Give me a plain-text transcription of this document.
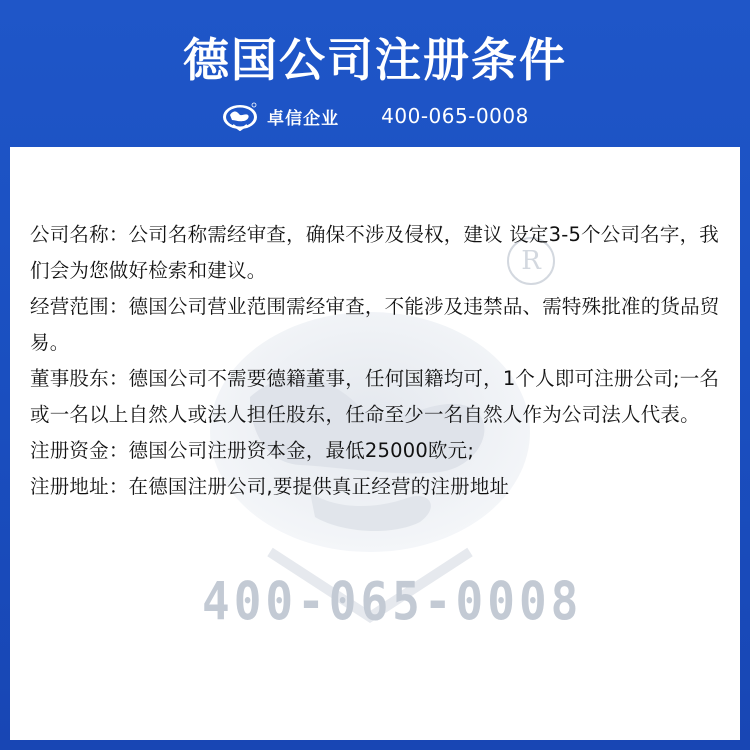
德国公司注册条件
卓信企业 400-065-0008
R
400-065-0008

公司名称：公司名称需经审查，确保不涉及侵权，建议 设定3-5个公司名字，我们会为您做好检索和建议。

经营范围：德国公司营业范围需经审查，不能涉及违禁品、需特殊批准的货品贸易。

董事股东：德国公司不需要德籍董事，任何国籍均可，1个人即可注册公司;一名或一名以上自然人或法人担任股东，任命至少一名自然人作为公司法人代表。

注册资金：德国公司注册资本金，最低25000欧元;

注册地址：在德国注册公司,要提供真正经营的注册地址
